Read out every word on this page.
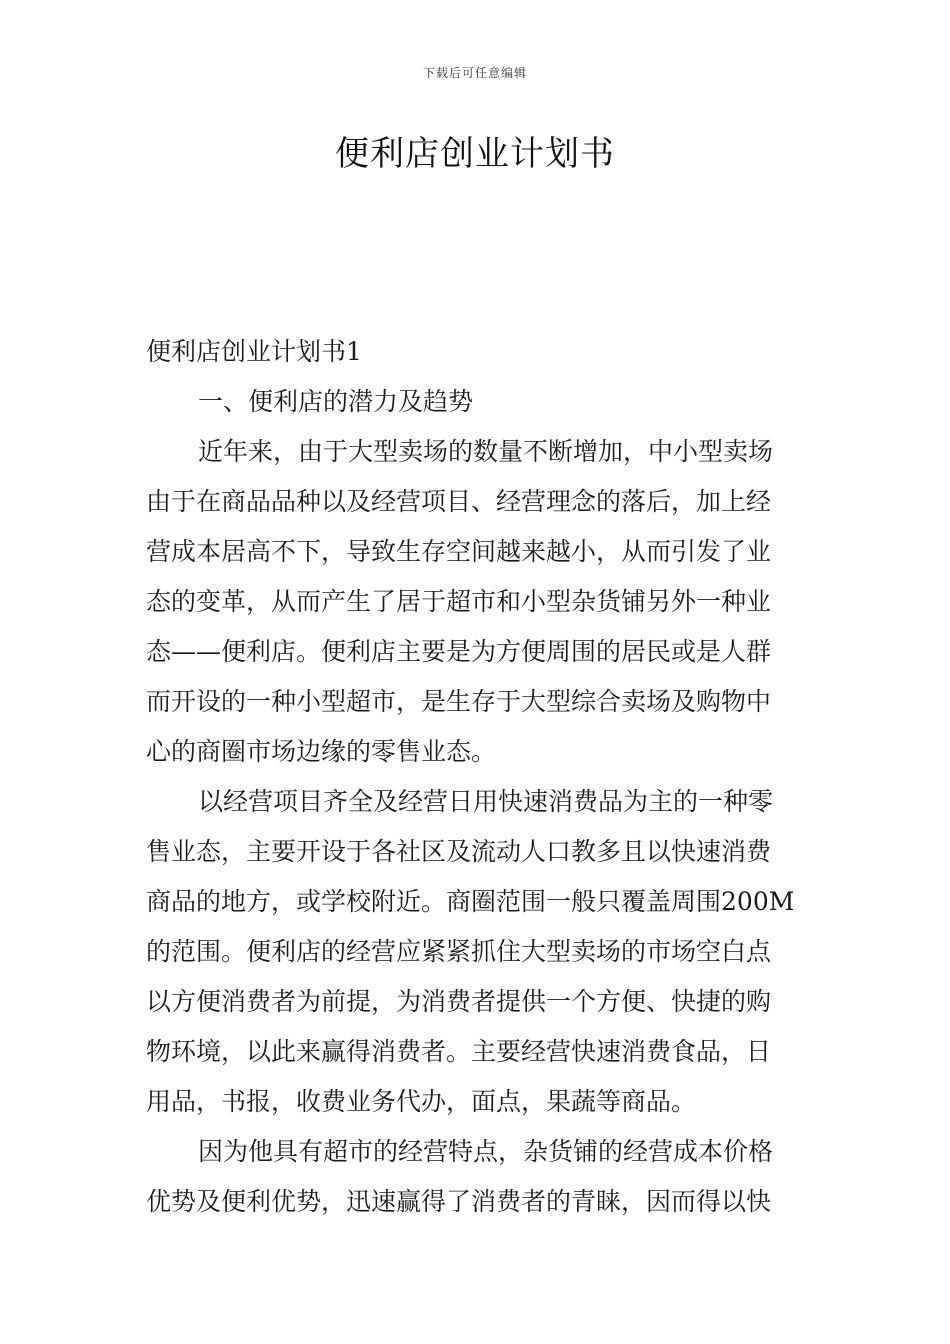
下载后可任意编辑
便利店创业计划书

便利店创业计划书1

一、便利店的潜力及趋势

近年来，由于大型卖场的数量不断增加，中小型卖场
由于在商品品种以及经营项目、经营理念的落后，加上经
营成本居高不下，导致生存空间越来越小，从而引发了业
态的变革，从而产生了居于超市和小型杂货铺另外一种业
态——便利店。便利店主要是为方便周围的居民或是人群
而开设的一种小型超市，是生存于大型综合卖场及购物中
心的商圈市场边缘的零售业态。

以经营项目齐全及经营日用快速消费品为主的一种零
售业态，主要开设于各社区及流动人口教多且以快速消费
商品的地方，或学校附近。商圈范围一般只覆盖周围200M
的范围。便利店的经营应紧紧抓住大型卖场的市场空白点
以方便消费者为前提，为消费者提供一个方便、快捷的购
物环境，以此来赢得消费者。主要经营快速消费食品，日
用品，书报，收费业务代办，面点，果蔬等商品。

因为他具有超市的经营特点，杂货铺的经营成本价格
优势及便利优势，迅速赢得了消费者的青睐，因而得以快
